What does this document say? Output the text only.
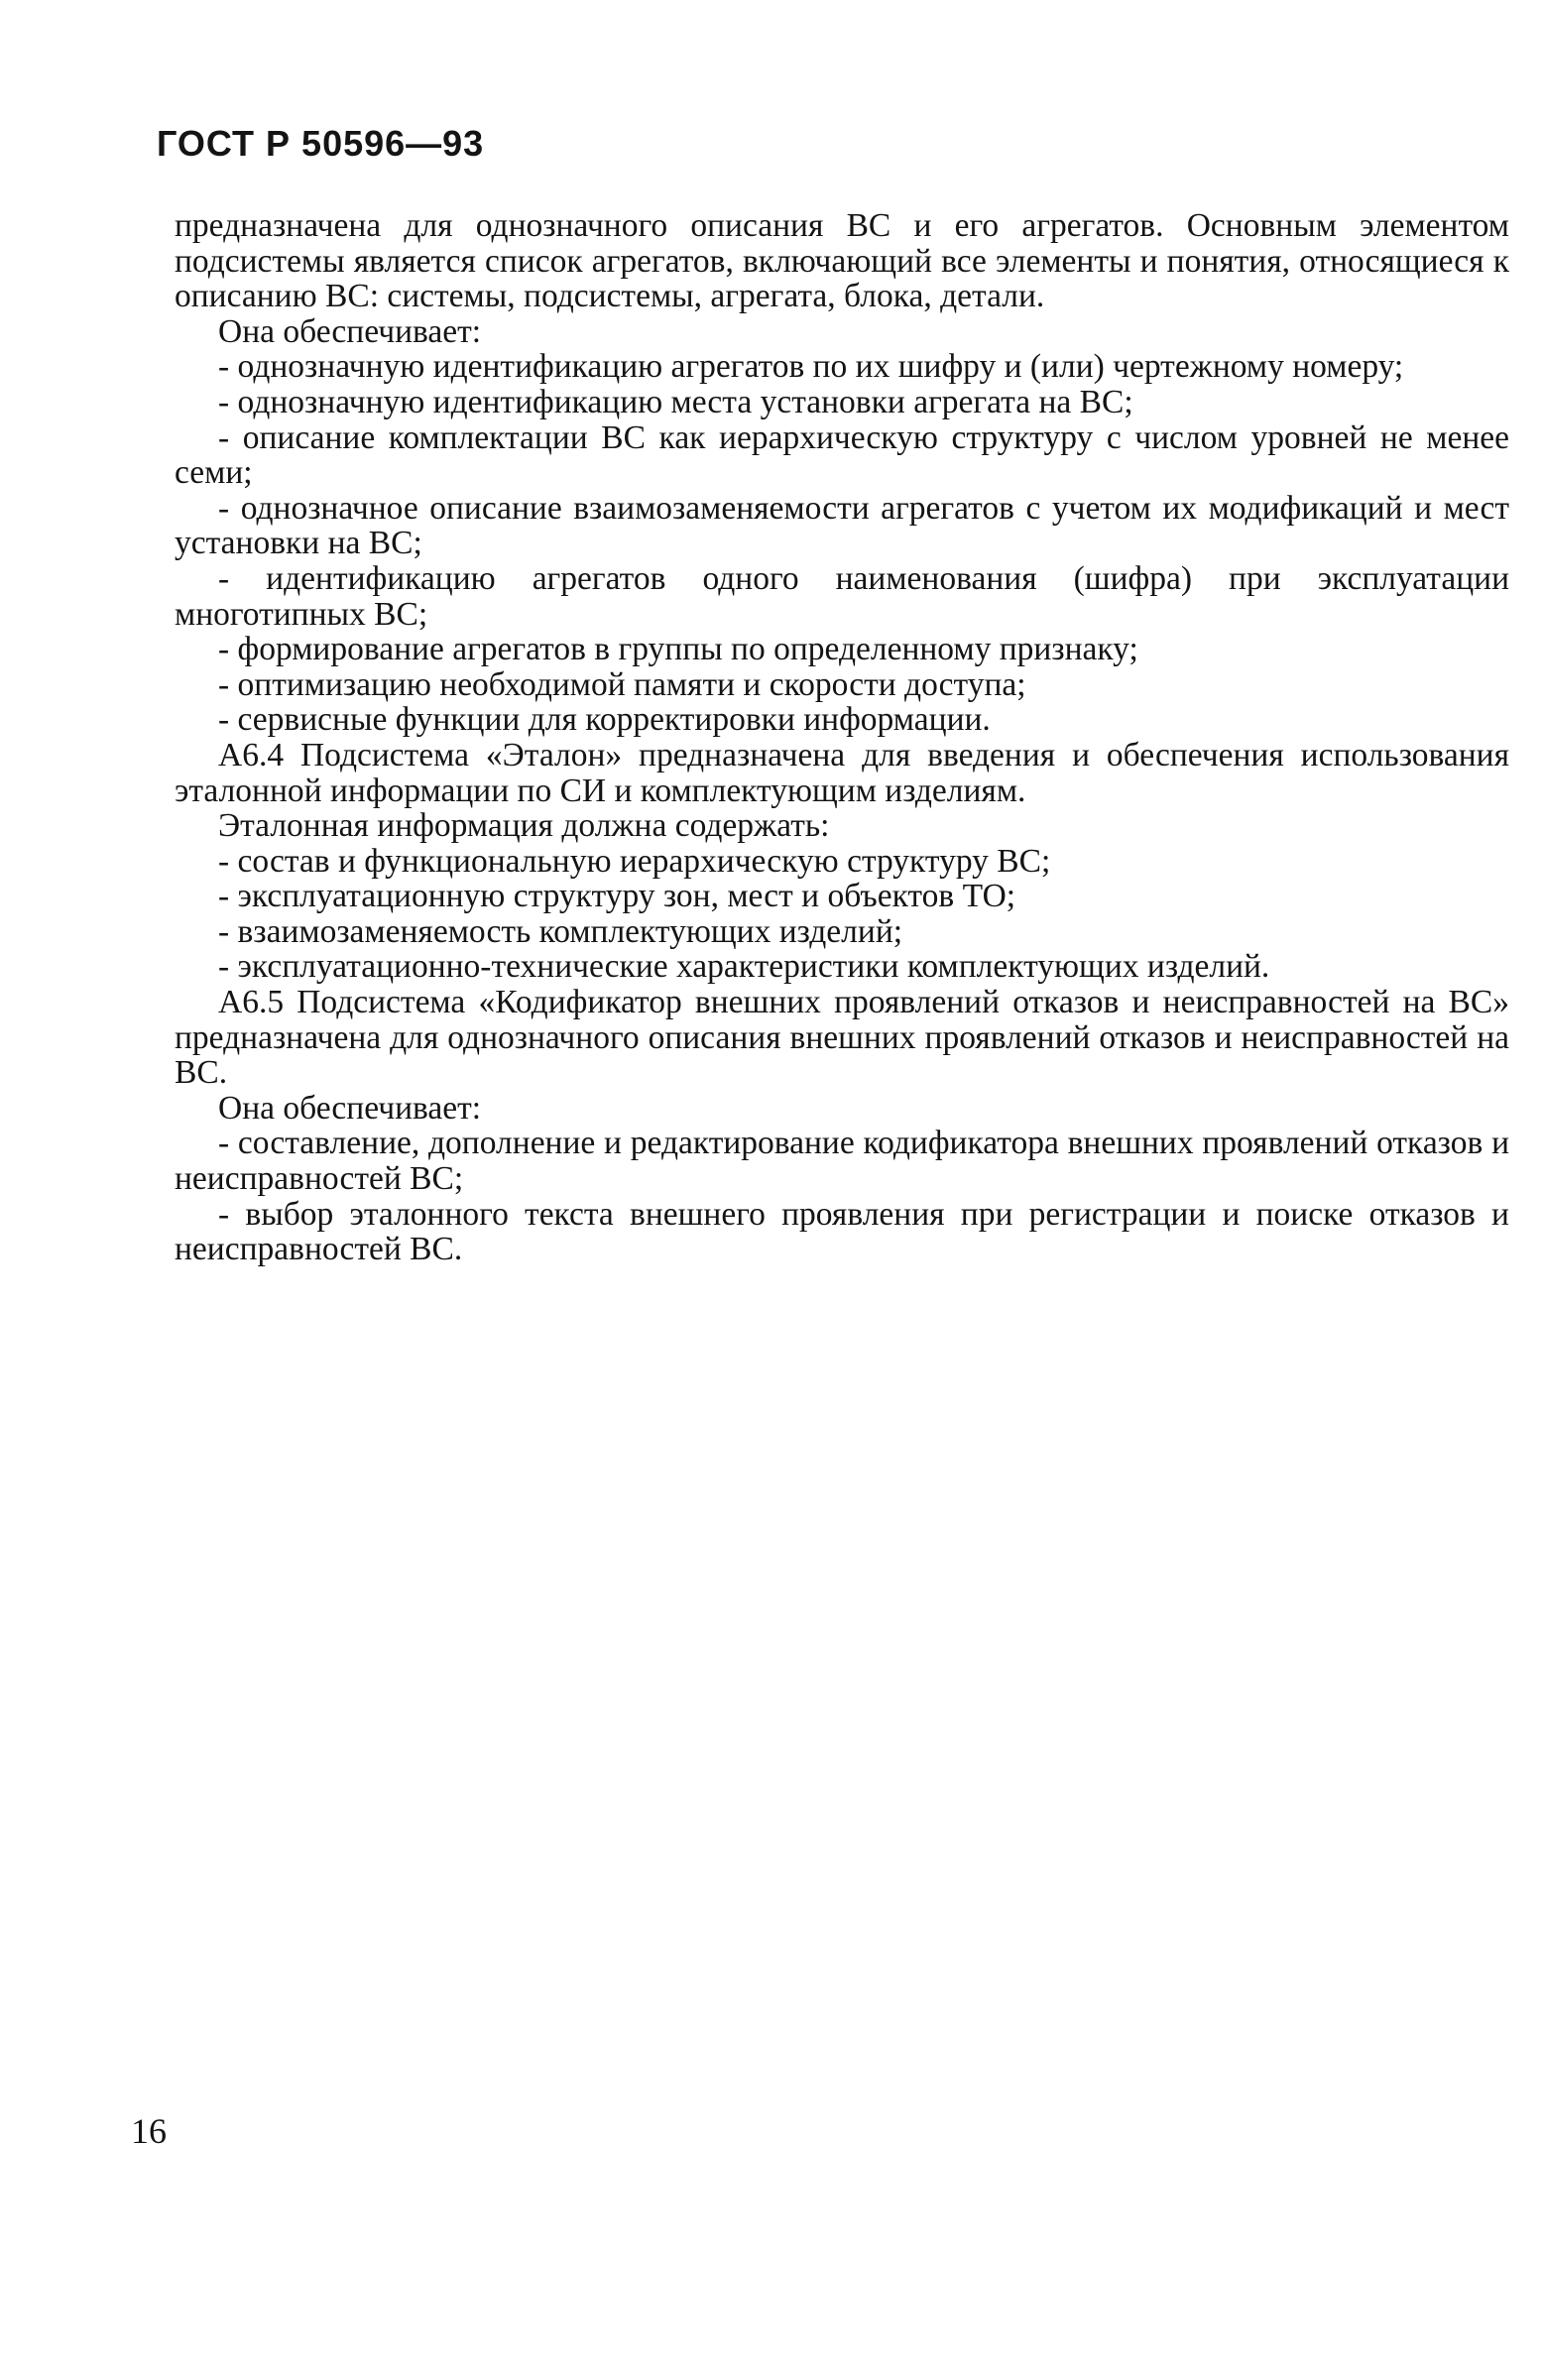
ГОСТ Р 50596—93

предназначена для однозначного описания ВС и его агрегатов. Основным элементом подсистемы является список агрегатов, включающий все элементы и понятия, относящиеся к описанию ВС: системы, подсистемы, агрегата, блока, детали.

Она обеспечивает:

- однозначную идентификацию агрегатов по их шифру и (или) чертежному номеру;

- однозначную идентификацию места установки агрегата на ВС;

- описание комплектации ВС как иерархическую структуру с числом уровней не менее семи;

- однозначное описание взаимозаменяемости агрегатов с учетом их модификаций и мест установки на ВС;

- идентификацию агрегатов одного наименования (шифра) при эксплуатации многотипных ВС;

- формирование агрегатов в группы по определенному признаку;

- оптимизацию необходимой памяти и скорости доступа;

- сервисные функции для корректировки информации.

А6.4 Подсистема «Эталон» предназначена для введения и обеспечения использования эталонной информации по СИ и комплектующим изделиям.

Эталонная информация должна содержать:

- состав и функциональную иерархическую структуру ВС;

- эксплуатационную структуру зон, мест и объектов ТО;

- взаимозаменяемость комплектующих изделий;

- эксплуатационно-технические характеристики комплектующих изделий.

А6.5 Подсистема «Кодификатор внешних проявлений отказов и неисправностей на ВС» предназначена для однозначного описания внешних проявлений отказов и неисправностей на ВС.

Она обеспечивает:

- составление, дополнение и редактирование кодификатора внешних проявлений отказов и неисправностей ВС;

- выбор эталонного текста внешнего проявления при регистрации и поиске отказов и неисправностей ВС.

16
